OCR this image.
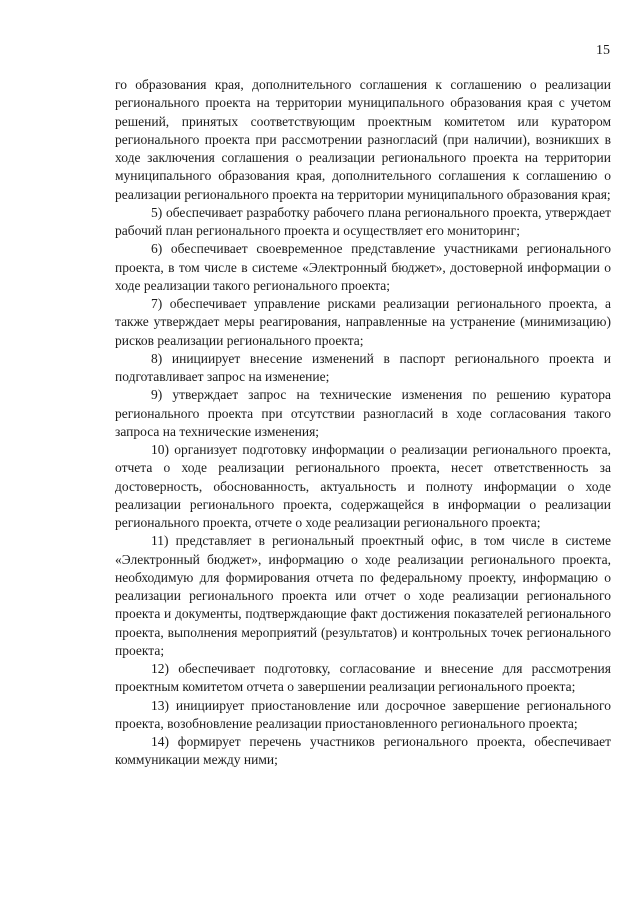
15

го образования края, дополнительного соглашения к соглашению о реализации регионального проекта на территории муниципального образования края с учетом решений, принятых соответствующим проектным комитетом или куратором регионального проекта при рассмотрении разногласий (при наличии), возникших в ходе заключения соглашения о реализации регионального проекта на территории муниципального образования края, дополнительного соглашения к соглашению о реализации регионального проекта на территории муниципального образования края;

5) обеспечивает разработку рабочего плана регионального проекта, утверждает рабочий план регионального проекта и осуществляет его мониторинг;

6) обеспечивает своевременное представление участниками регионального проекта, в том числе в системе «Электронный бюджет», достоверной информации о ходе реализации такого регионального проекта;

7) обеспечивает управление рисками реализации регионального проекта, а также утверждает меры реагирования, направленные на устранение (минимизацию) рисков реализации регионального проекта;

8) инициирует внесение изменений в паспорт регионального проекта и подготавливает запрос на изменение;

9) утверждает запрос на технические изменения по решению куратора регионального проекта при отсутствии разногласий в ходе согласования такого запроса на технические изменения;

10) организует подготовку информации о реализации регионального проекта, отчета о ходе реализации регионального проекта, несет ответственность за достоверность, обоснованность, актуальность и полноту информации о ходе реализации регионального проекта, содержащейся в информации о реализации регионального проекта, отчете о ходе реализации регионального проекта;

11) представляет в региональный проектный офис, в том числе в системе «Электронный бюджет», информацию о ходе реализации регионального проекта, необходимую для формирования отчета по федеральному проекту, информацию о реализации регионального проекта или отчет о ходе реализации регионального проекта и документы, подтверждающие факт достижения показателей регионального проекта, выполнения мероприятий (результатов) и контрольных точек регионального проекта;

12) обеспечивает подготовку, согласование и внесение для рассмотрения проектным комитетом отчета о завершении реализации регионального проекта;

13) инициирует приостановление или досрочное завершение регионального проекта, возобновление реализации приостановленного регионального проекта;

14) формирует перечень участников регионального проекта, обеспечивает коммуникации между ними;
